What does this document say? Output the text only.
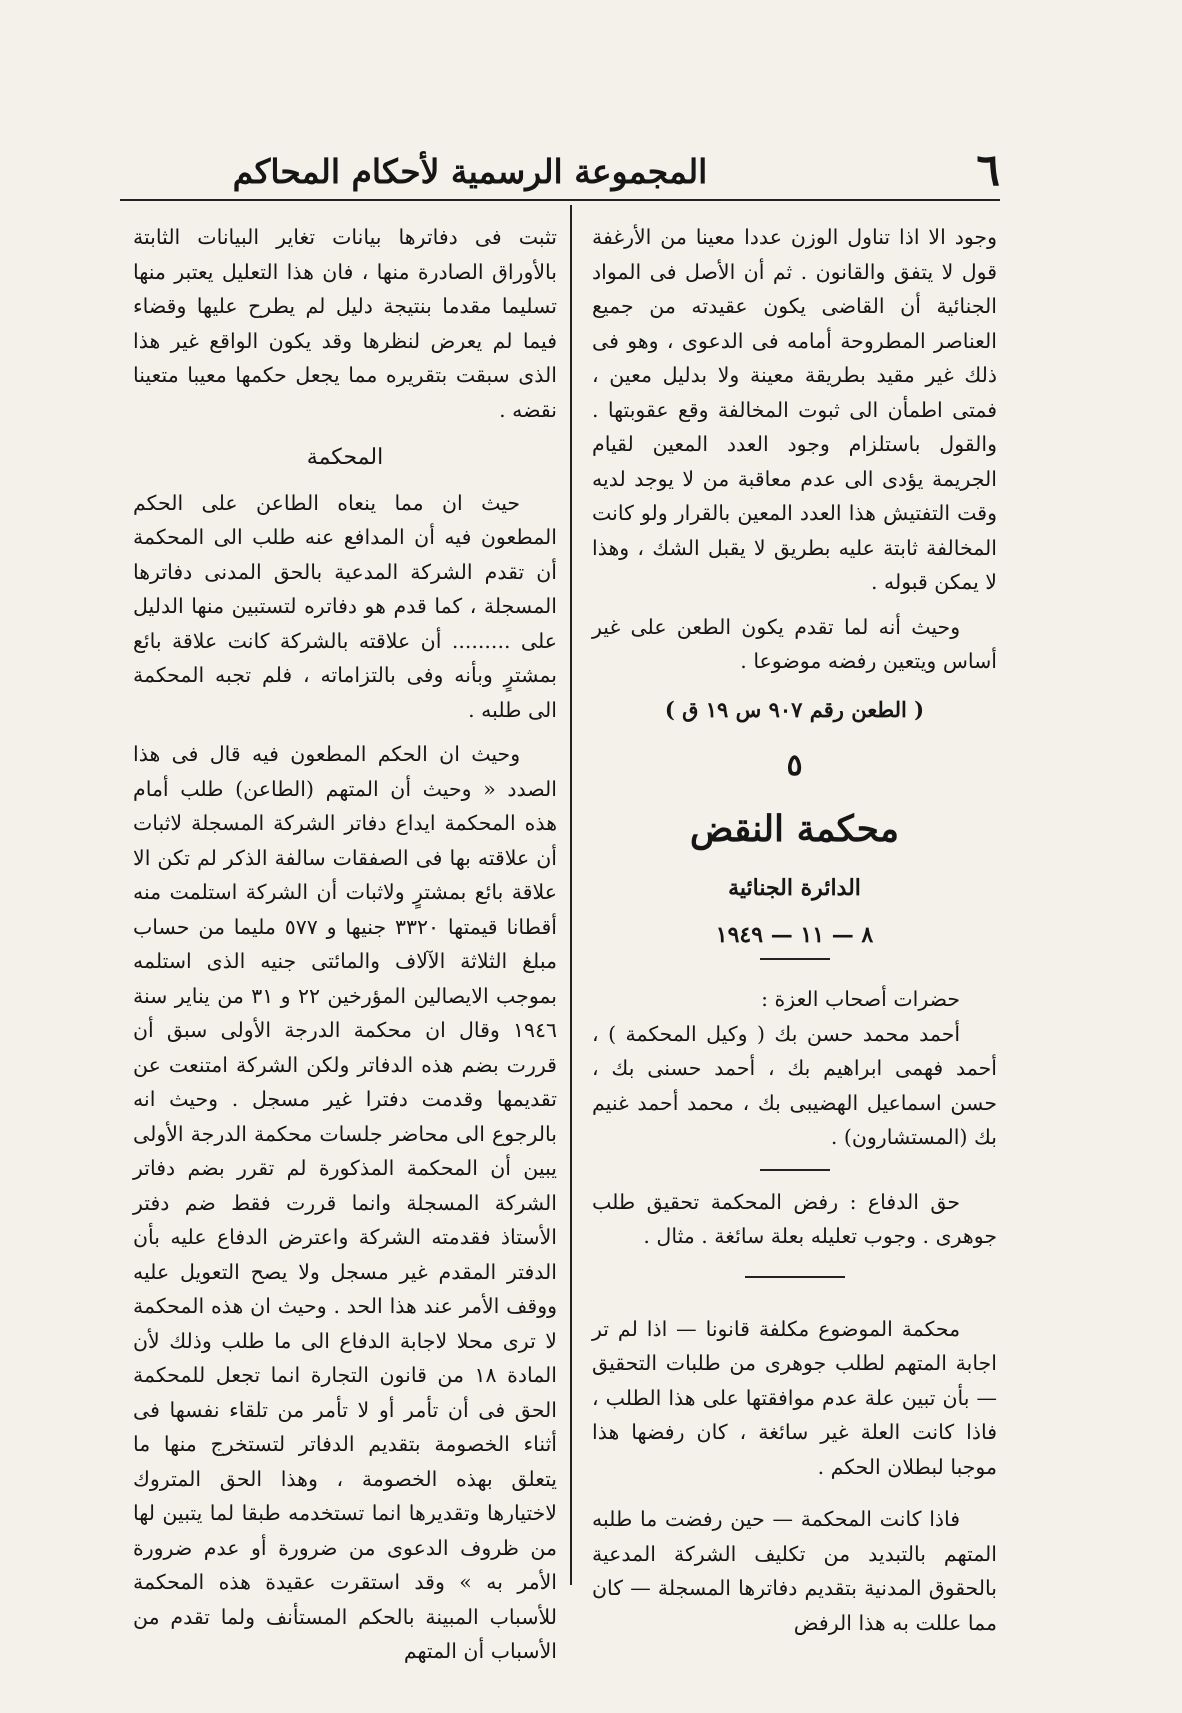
٦
المجموعة الرسمية لأحكام المحاكم

وجود الا اذا تناول الوزن عددا معينا من الأرغفة قول لا يتفق والقانون . ثم أن الأصل فى المواد الجنائية أن القاضى يكون عقيدته من جميع العناصر المطروحة أمامه فى الدعوى ، وهو فى ذلك غير مقيد بطريقة معينة ولا بدليل معين ، فمتى اطمأن الى ثبوت المخالفة وقع عقوبتها . والقول باستلزام وجود العدد المعين لقيام الجريمة يؤدى الى عدم معاقبة من لا يوجد لديه وقت التفتيش هذا العدد المعين بالقرار ولو كانت المخالفة ثابتة عليه بطريق لا يقبل الشك ، وهذا لا يمكن قبوله .

وحيث أنه لما تقدم يكون الطعن على غير أساس ويتعين رفضه موضوعا .

( الطعن رقم ٩٠٧ س ١٩ ق )

٥

محكمة النقض

الدائرة الجنائية

٨ — ١١ — ١٩٤٩

حضرات أصحاب العزة :

أحمد محمد حسن بك ( وكيل المحكمة ) ، أحمد فهمى ابراهيم بك ، أحمد حسنى بك ، حسن اسماعيل الهضيبى بك ، محمد أحمد غنيم بك (المستشارون) .

حق الدفاع : رفض المحكمة تحقيق طلب جوهرى . وجوب تعليله بعلة سائغة . مثال .

محكمة الموضوع مكلفة قانونا — اذا لم تر اجابة المتهم لطلب جوهرى من طلبات التحقيق — بأن تبين علة عدم موافقتها على هذا الطلب ، فاذا كانت العلة غير سائغة ، كان رفضها هذا موجبا لبطلان الحكم .

فاذا كانت المحكمة — حين رفضت ما طلبه المتهم بالتبديد من تكليف الشركة المدعية بالحقوق المدنية بتقديم دفاترها المسجلة — كان مما عللت به هذا الرفض

تثبت فى دفاترها بيانات تغاير البيانات الثابتة بالأوراق الصادرة منها ، فان هذا التعليل يعتبر منها تسليما مقدما بنتيجة دليل لم يطرح عليها وقضاء فيما لم يعرض لنظرها وقد يكون الواقع غير هذا الذى سبقت بتقريره مما يجعل حكمها معيبا متعينا نقضه .

المحكمة

حيث ان مما ينعاه الطاعن على الحكم المطعون فيه أن المدافع عنه طلب الى المحكمة أن تقدم الشركة المدعية بالحق المدنى دفاترها المسجلة ، كما قدم هو دفاتره لتستبين منها الدليل على ......... أن علاقته بالشركة كانت علاقة بائع بمشترٍ وبأنه وفى بالتزاماته ، فلم تجبه المحكمة الى طلبه .

وحيث ان الحكم المطعون فيه قال فى هذا الصدد « وحيث أن المتهم (الطاعن) طلب أمام هذه المحكمة ايداع دفاتر الشركة المسجلة لاثبات أن علاقته بها فى الصفقات سالفة الذكر لم تكن الا علاقة بائع بمشترٍ ولاثبات أن الشركة استلمت منه أقطانا قيمتها ٣٣٢٠ جنيها و ٥٧٧ مليما من حساب مبلغ الثلاثة الآلاف والمائتى جنيه الذى استلمه بموجب الايصالين المؤرخين ٢٢ و ٣١ من يناير سنة ١٩٤٦ وقال ان محكمة الدرجة الأولى سبق أن قررت بضم هذه الدفاتر ولكن الشركة امتنعت عن تقديمها وقدمت دفترا غير مسجل . وحيث انه بالرجوع الى محاضر جلسات محكمة الدرجة الأولى يبين أن المحكمة المذكورة لم تقرر بضم دفاتر الشركة المسجلة وانما قررت فقط ضم دفتر الأستاذ فقدمته الشركة واعترض الدفاع عليه بأن الدفتر المقدم غير مسجل ولا يصح التعويل عليه ووقف الأمر عند هذا الحد . وحيث ان هذه المحكمة لا ترى محلا لاجابة الدفاع الى ما طلب وذلك لأن المادة ١٨ من قانون التجارة انما تجعل للمحكمة الحق فى أن تأمر أو لا تأمر من تلقاء نفسها فى أثناء الخصومة بتقديم الدفاتر لتستخرج منها ما يتعلق بهذه الخصومة ، وهذا الحق المتروك لاختيارها وتقديرها انما تستخدمه طبقا لما يتبين لها من ظروف الدعوى من ضرورة أو عدم ضرورة الأمر به » وقد استقرت عقيدة هذه المحكمة للأسباب المبينة بالحكم المستأنف ولما تقدم من الأسباب أن المتهم
